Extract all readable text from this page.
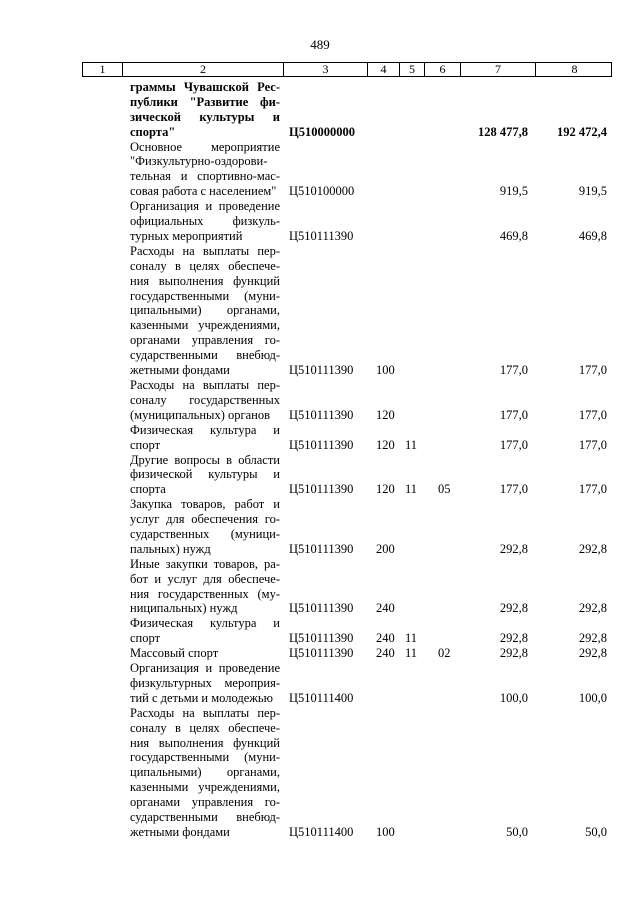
489
1	2	3	4	5	6	7	8
граммы Чувашской Рес-
публики "Развитие фи-
зической культуры и
спорта"	Ц510000000	128 477,8 192 472,4
Основное мероприятие
"Физкультурно-оздорови-
тельная и спортивно-мас-
совая работа с населением" Ц510100000	919,5	919,5
Организация и проведение
официальных физкуль-
турных мероприятий	Ц510111390	469,8	469,8
Расходы на выплаты пер-
соналу в целях обеспече-
ния выполнения функций
государственными (муни-
ципальными) органами,
казенными учреждениями,
органами управления го-
сударственными внебюд-
жетными фондами	Ц510111390 100	177,0	177,0
Расходы на выплаты пер-
соналу государственных
(муниципальных) органов	Ц510111390 120	177,0	177,0
Физическая культура и
спорт	Ц510111390 120 11	177,0	177,0
Другие вопросы в области
физической культуры и
спорта	Ц510111390 120 11 05	177,0	177,0
Закупка товаров, работ и
услуг для обеспечения го-
сударственных (муници-
пальных) нужд	Ц510111390 200	292,8	292,8
Иные закупки товаров, ра-
бот и услуг для обеспече-
ния государственных (му-
ниципальных) нужд	Ц510111390 240	292,8	292,8
Физическая культура и
спорт	Ц510111390 240 11	292,8	292,8
Массовый спорт	Ц510111390 240 11 02	292,8	292,8
Организация и проведение
физкультурных мероприя-
тий с детьми и молодежью	Ц510111400	100,0	100,0
Расходы на выплаты пер-
соналу в целях обеспече-
ния выполнения функций
государственными (муни-
ципальными) органами,
казенными учреждениями,
органами управления го-
сударственными внебюд-
жетными фондами	Ц510111400 100	50,0	50,0
